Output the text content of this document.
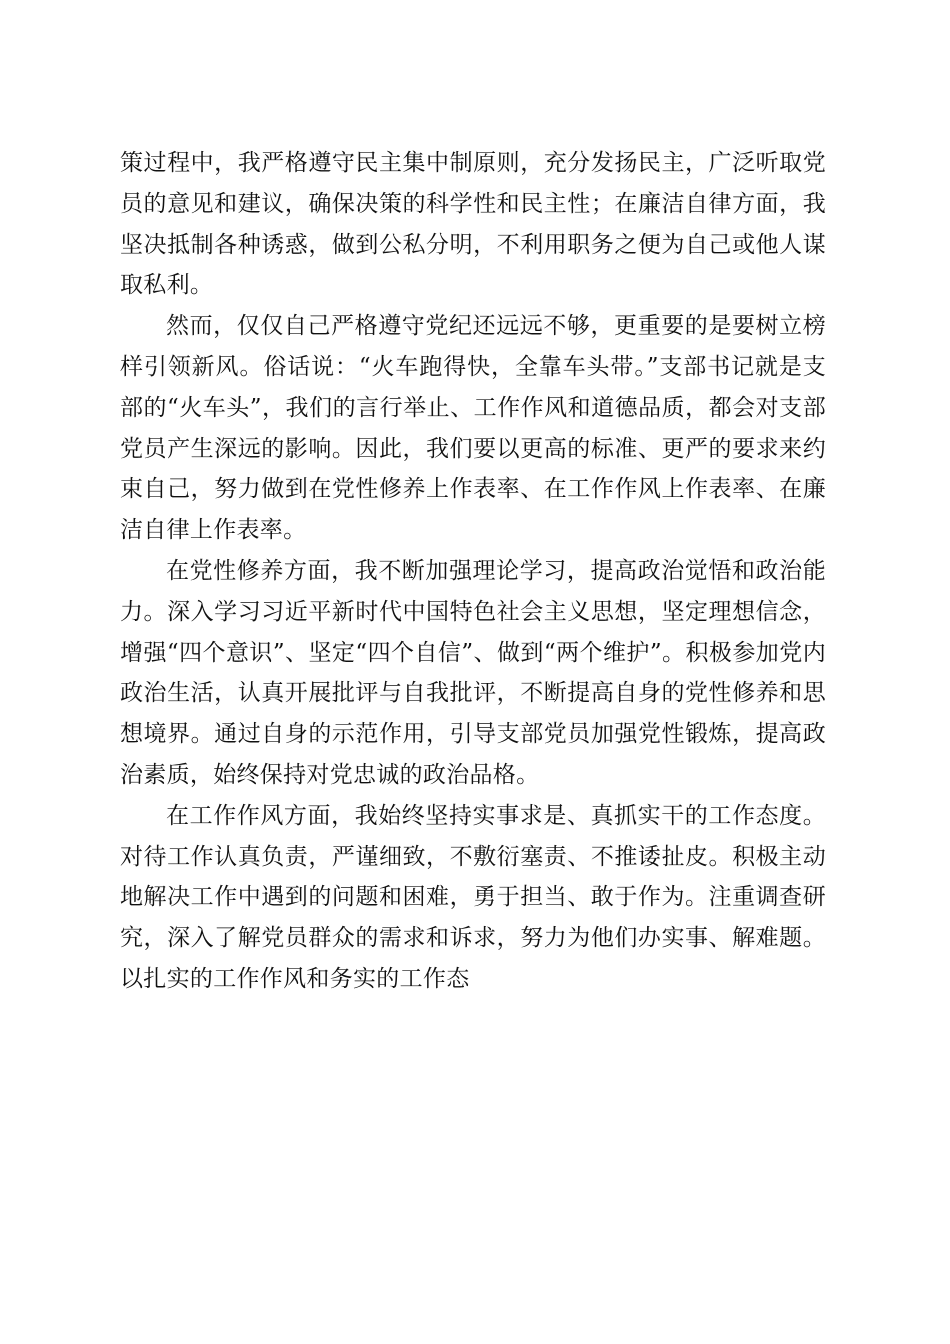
策过程中，我严格遵守民主集中制原则，充分发扬民主，广泛听取党员的意见和建议，确保决策的科学性和民主性；在廉洁自律方面，我坚决抵制各种诱惑，做到公私分明，不利用职务之便为自己或他人谋取私利。

然而，仅仅自己严格遵守党纪还远远不够，更重要的是要树立榜样引领新风。俗话说：“火车跑得快，全靠车头带。”支部书记就是支部的“火车头”，我们的言行举止、工作作风和道德品质，都会对支部党员产生深远的影响。因此，我们要以更高的标准、更严的要求来约束自己，努力做到在党性修养上作表率、在工作作风上作表率、在廉洁自律上作表率。

在党性修养方面，我不断加强理论学习，提高政治觉悟和政治能力。深入学习习近平新时代中国特色社会主义思想，坚定理想信念，增强“四个意识”、坚定“四个自信”、做到“两个维护”。积极参加党内政治生活，认真开展批评与自我批评，不断提高自身的党性修养和思想境界。通过自身的示范作用，引导支部党员加强党性锻炼，提高政治素质，始终保持对党忠诚的政治品格。

在工作作风方面，我始终坚持实事求是、真抓实干的工作态度。对待工作认真负责，严谨细致，不敷衍塞责、不推诿扯皮。积极主动地解决工作中遇到的问题和困难，勇于担当、敢于作为。注重调查研究，深入了解党员群众的需求和诉求，努力为他们办实事、解难题。以扎实的工作作风和务实的工作态
